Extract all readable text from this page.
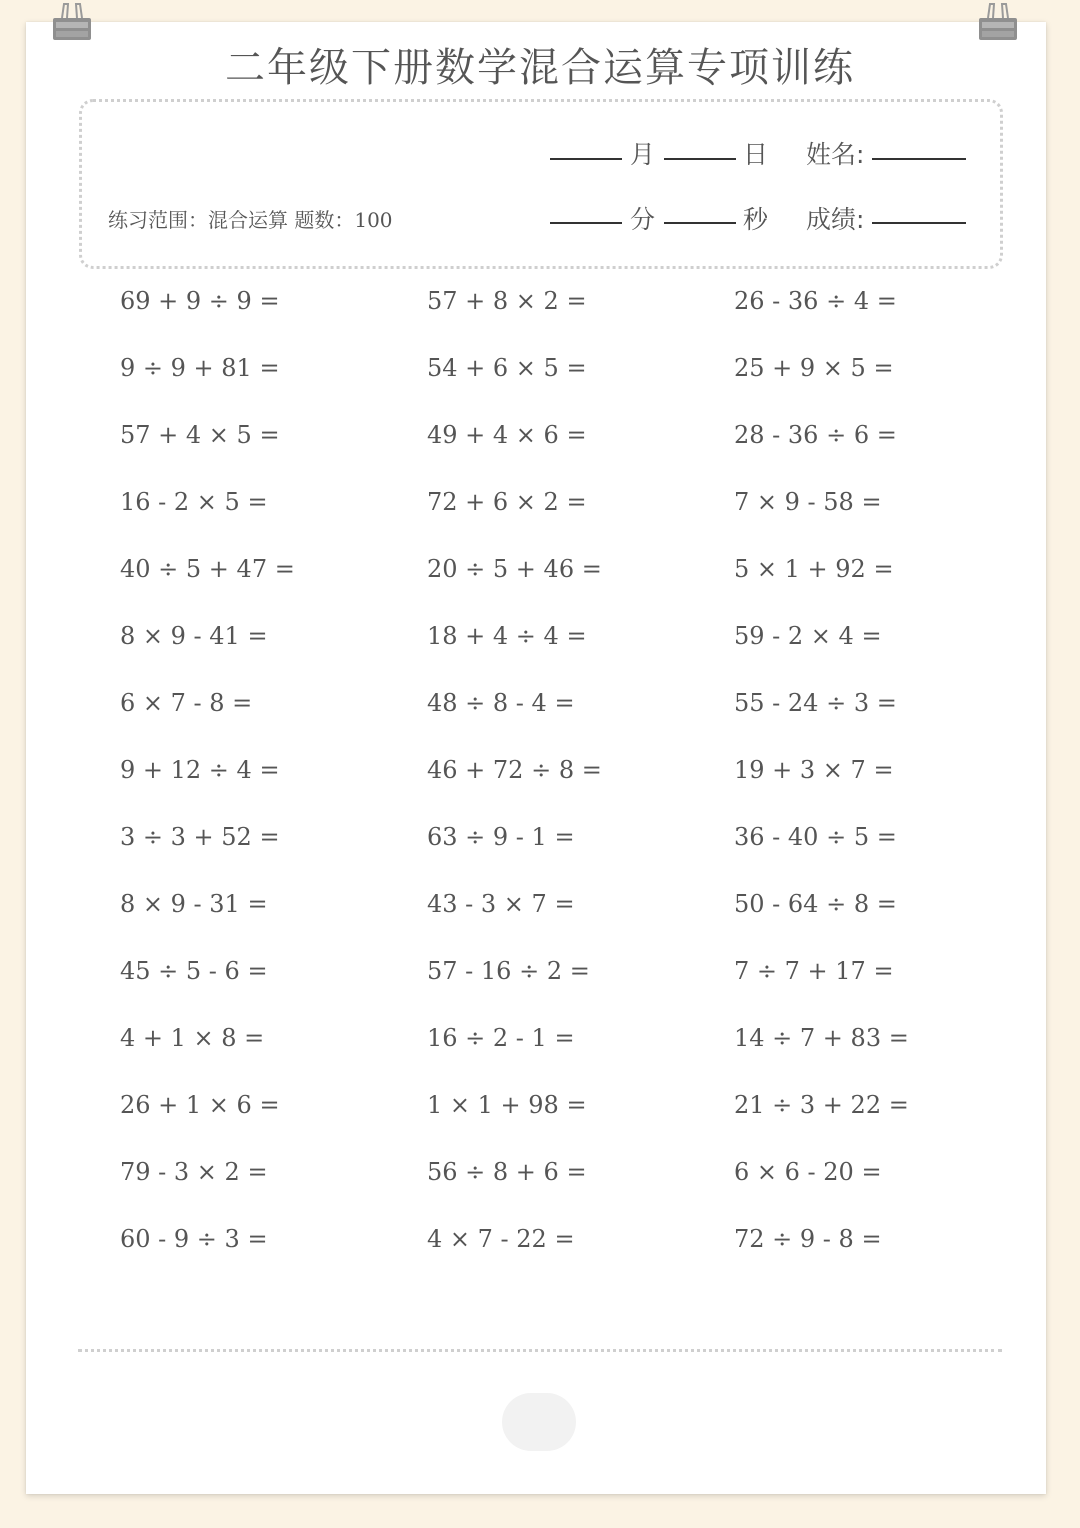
二年级下册数学混合运算专项训练
练习范围：混合运算 题数：100
月	日 姓名:
分	秒 成绩:
69 + 9 ÷ 9 =
9 ÷ 9 + 81 =
57 + 4 × 5 =
16 - 2 × 5 =
40 ÷ 5 + 47 =
8 × 9 - 41 =
6 × 7 - 8 =
9 + 12 ÷ 4 =
3 ÷ 3 + 52 =
8 × 9 - 31 =
45 ÷ 5 - 6 =
4 + 1 × 8 =
26 + 1 × 6 =
79 - 3 × 2 =
60 - 9 ÷ 3 =
57 + 8 × 2 =
54 + 6 × 5 =
49 + 4 × 6 =
72 + 6 × 2 =
20 ÷ 5 + 46 =
18 + 4 ÷ 4 =
48 ÷ 8 - 4 =
46 + 72 ÷ 8 =
63 ÷ 9 - 1 =
43 - 3 × 7 =
57 - 16 ÷ 2 =
16 ÷ 2 - 1 =
1 × 1 + 98 =
56 ÷ 8 + 6 =
4 × 7 - 22 =
26 - 36 ÷ 4 =
25 + 9 × 5 =
28 - 36 ÷ 6 =
7 × 9 - 58 =
5 × 1 + 92 =
59 - 2 × 4 =
55 - 24 ÷ 3 =
19 + 3 × 7 =
36 - 40 ÷ 5 =
50 - 64 ÷ 8 =
7 ÷ 7 + 17 =
14 ÷ 7 + 83 =
21 ÷ 3 + 22 =
6 × 6 - 20 =
72 ÷ 9 - 8 =
